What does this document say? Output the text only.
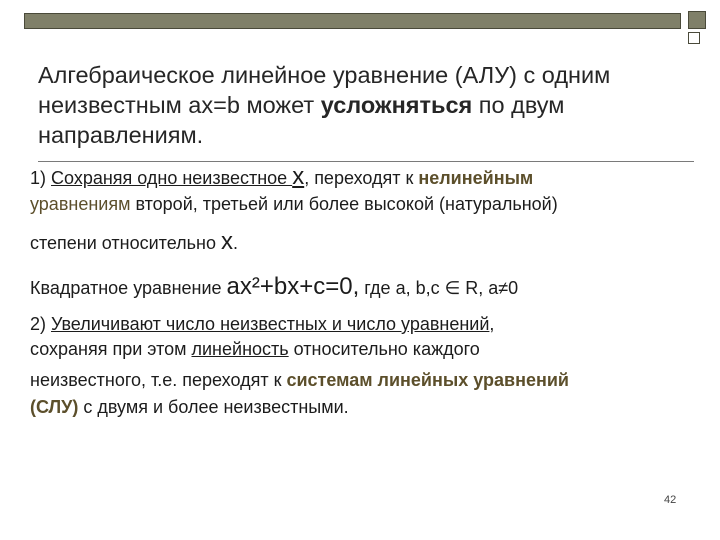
Алгебраическое линейное уравнение (АЛУ) с одним неизвестным ax=b может усложняться по двум направлениям.
1) Сохраняя одно неизвестное x, переходят к нелинейным
уравнениям второй, третьей или более высокой (натуральной)
степени относительно x.
Квадратное уравнение ax²+bx+c=0, где a, b,c ∈ R, a≠0
2) Увеличивают число неизвестных и число уравнений,
сохраняя при этом линейность относительно каждого
неизвестного, т.е. переходят к системам линейных уравнений
(СЛУ) с двумя и более неизвестными.
42
